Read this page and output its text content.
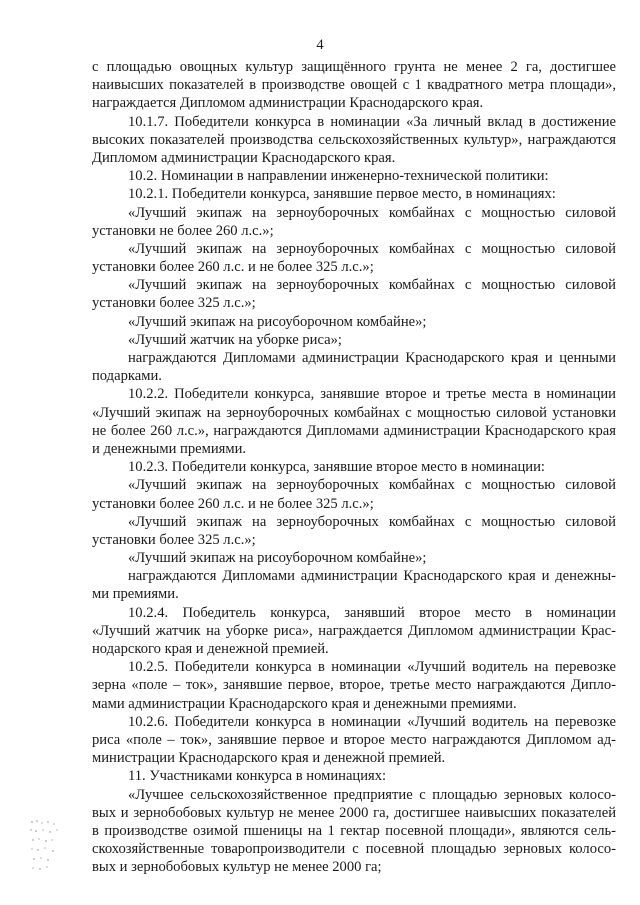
4
с площадью овощных культур защищённого грунта не менее 2 га, достигшее
наивысших показателей в производстве овощей с 1 квадратного метра площади»,
награждается Дипломом администрации Краснодарского края.
10.1.7. Победители конкурса в номинации «За личный вклад в достижение
высоких показателей производства сельскохозяйственных культур», награждаются
Дипломом администрации Краснодарского края.
10.2. Номинации в направлении инженерно-технической политики:
10.2.1. Победители конкурса, занявшие первое место, в номинациях:
«Лучший экипаж на зерноуборочных комбайнах с мощностью силовой
установки не более 260 л.с.»;
«Лучший экипаж на зерноуборочных комбайнах с мощностью силовой
установки более 260 л.с. и не более 325 л.с.»;
«Лучший экипаж на зерноуборочных комбайнах с мощностью силовой
установки более 325 л.с.»;
«Лучший экипаж на рисоуборочном комбайне»;
«Лучший жатчик на уборке риса»;
награждаются Дипломами администрации Краснодарского края и ценными
подарками.
10.2.2. Победители конкурса, занявшие второе и третье места в номинации
«Лучший экипаж на зерноуборочных комбайнах с мощностью силовой установки
не более 260 л.с.», награждаются Дипломами администрации Краснодарского края
и денежными премиями.
10.2.3. Победители конкурса, занявшие второе место в номинации:
«Лучший экипаж на зерноуборочных комбайнах с мощностью силовой
установки более 260 л.с. и не более 325 л.с.»;
«Лучший экипаж на зерноуборочных комбайнах с мощностью силовой
установки более 325 л.с.»;
«Лучший экипаж на рисоуборочном комбайне»;
награждаются Дипломами администрации Краснодарского края и денежны-
ми премиями.
10.2.4. Победитель конкурса, занявший второе место в номинации
«Лучший жатчик на уборке риса», награждается Дипломом администрации Крас-
нодарского края и денежной премией.
10.2.5. Победители конкурса в номинации «Лучший водитель на перевозке
зерна «поле – ток», занявшие первое, второе, третье место награждаются Дипло-
мами администрации Краснодарского края и денежными премиями.
10.2.6. Победители конкурса в номинации «Лучший водитель на перевозке
риса «поле – ток», занявшие первое и второе место награждаются Дипломом ад-
министрации Краснодарского края и денежной премией.
11. Участниками конкурса в номинациях:
«Лучшее сельскохозяйственное предприятие с площадью зерновых колосо-
вых и зернобобовых культур не менее 2000 га, достигшее наивысших показателей
в производстве озимой пшеницы на 1 гектар посевной площади», являются сель-
скохозяйственные товаропроизводители с посевной площадью зерновых колосо-
вых и зернобобовых культур не менее 2000 га;
